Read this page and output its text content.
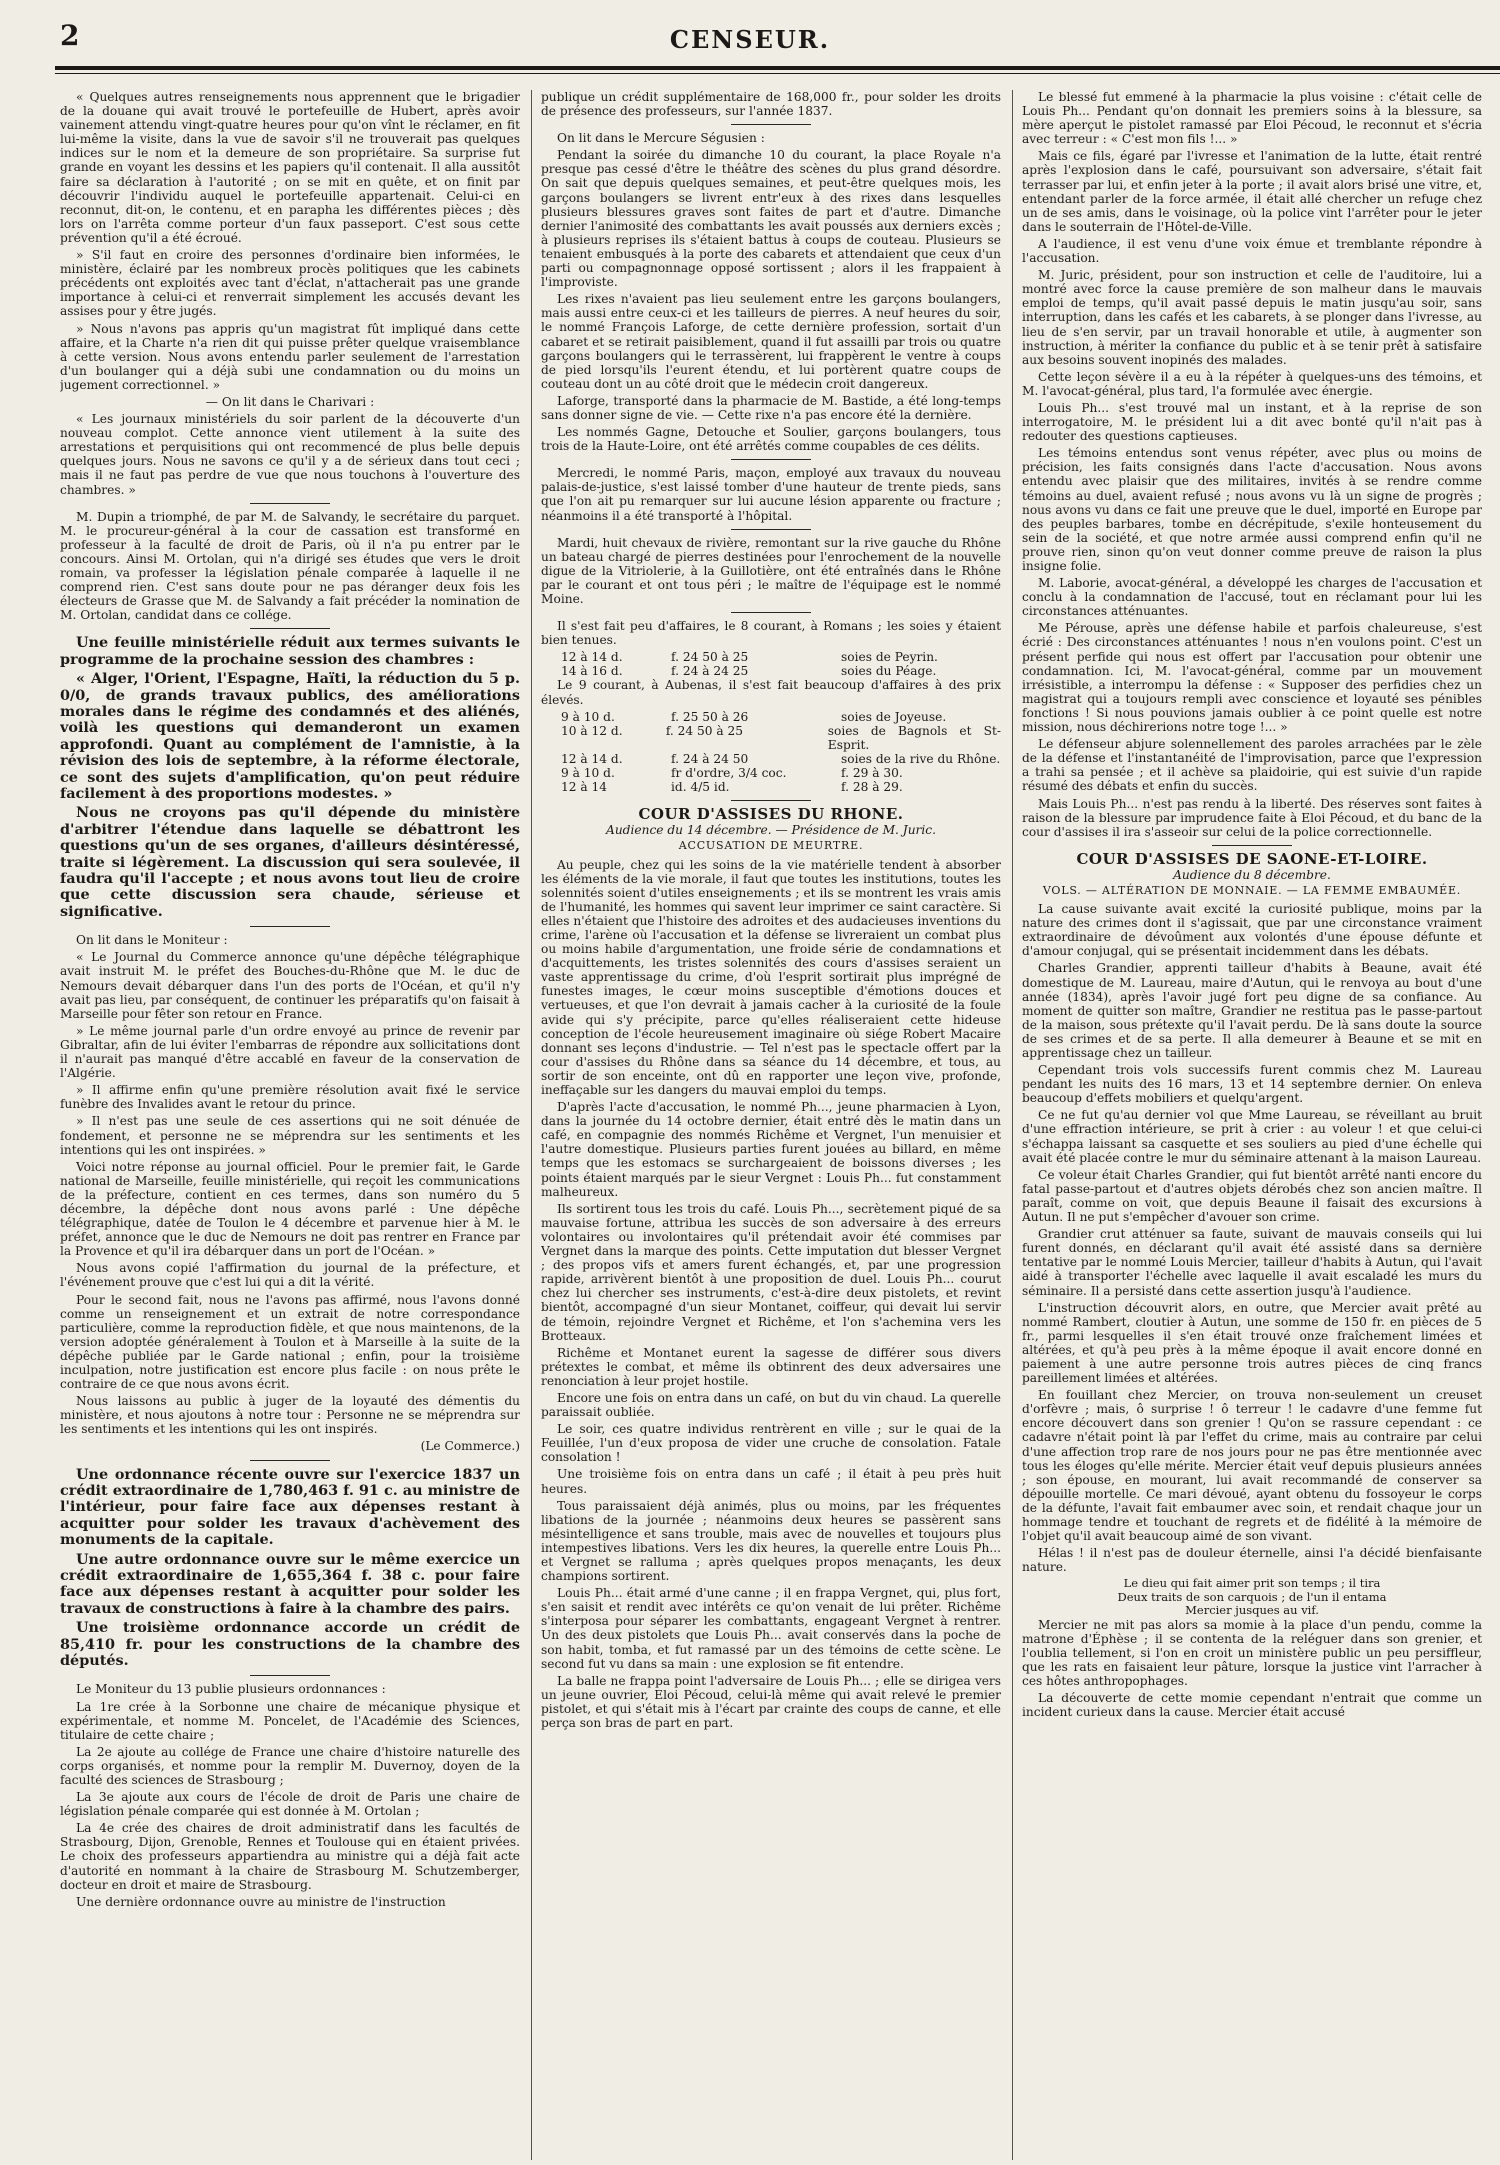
2	CENSEUR.

« Quelques autres renseignements nous apprennent que le brigadier de la douane qui avait trouvé le portefeuille de Hubert, après avoir vainement attendu vingt-quatre heures pour qu'on vînt le réclamer, en fit lui-même la visite, dans la vue de savoir s'il ne trouverait pas quelques indices sur le nom et la demeure de son propriétaire. Sa surprise fut grande en voyant les dessins et les papiers qu'il contenait. Il alla aussitôt faire sa déclaration à l'autorité ; on se mit en quête, et on finit par découvrir l'individu auquel le portefeuille appartenait. Celui-ci en reconnut, dit-on, le contenu, et en parapha les différentes pièces ; dès lors on l'arrêta comme porteur d'un faux passeport. C'est sous cette prévention qu'il a été écroué.

» S'il faut en croire des personnes d'ordinaire bien informées, le ministère, éclairé par les nombreux procès politiques que les cabinets précédents ont exploités avec tant d'éclat, n'attacherait pas une grande importance à celui-ci et renverrait simplement les accusés devant les assises pour y être jugés.

» Nous n'avons pas appris qu'un magistrat fût impliqué dans cette affaire, et la Charte n'a rien dit qui puisse prêter quelque vraisemblance à cette version. Nous avons entendu parler seulement de l'arrestation d'un boulanger qui a déjà subi une condamnation ou du moins un jugement correctionnel. »

— On lit dans le Charivari :

« Les journaux ministériels du soir parlent de la découverte d'un nouveau complot. Cette annonce vient utilement à la suite des arrestations et perquisitions qui ont recommencé de plus belle depuis quelques jours. Nous ne savons ce qu'il y a de sérieux dans tout ceci ; mais il ne faut pas perdre de vue que nous touchons à l'ouverture des chambres. »

M. Dupin a triomphé, de par M. de Salvandy, le secrétaire du parquet. M. le procureur-général à la cour de cassation est transformé en professeur à la faculté de droit de Paris, où il n'a pu entrer par le concours. Ainsi M. Ortolan, qui n'a dirigé ses études que vers le droit romain, va professer la législation pénale comparée à laquelle il ne comprend rien. C'est sans doute pour ne pas déranger deux fois les électeurs de Grasse que M. de Salvandy a fait précéder la nomination de M. Ortolan, candidat dans ce collége.

Une feuille ministérielle réduit aux termes suivants le programme de la prochaine session des chambres :

« Alger, l'Orient, l'Espagne, Haïti, la réduction du 5 p. 0/0, de grands travaux publics, des améliorations morales dans le régime des condamnés et des aliénés, voilà les questions qui demanderont un examen approfondi. Quant au complément de l'amnistie, à la révision des lois de septembre, à la réforme électorale, ce sont des sujets d'amplification, qu'on peut réduire facilement à des proportions modestes. »

Nous ne croyons pas qu'il dépende du ministère d'arbitrer l'étendue dans laquelle se débattront les questions qu'un de ses organes, d'ailleurs désintéressé, traite si légèrement. La discussion qui sera soulevée, il faudra qu'il l'accepte ; et nous avons tout lieu de croire que cette discussion sera chaude, sérieuse et significative.

On lit dans le Moniteur :

« Le Journal du Commerce annonce qu'une dépêche télégraphique avait instruit M. le préfet des Bouches-du-Rhône que M. le duc de Nemours devait débarquer dans l'un des ports de l'Océan, et qu'il n'y avait pas lieu, par conséquent, de continuer les préparatifs qu'on faisait à Marseille pour fêter son retour en France.

» Le même journal parle d'un ordre envoyé au prince de revenir par Gibraltar, afin de lui éviter l'embarras de répondre aux sollicitations dont il n'aurait pas manqué d'être accablé en faveur de la conservation de l'Algérie.

» Il affirme enfin qu'une première résolution avait fixé le service funèbre des Invalides avant le retour du prince.

» Il n'est pas une seule de ces assertions qui ne soit dénuée de fondement, et personne ne se méprendra sur les sentiments et les intentions qui les ont inspirées. »

Voici notre réponse au journal officiel. Pour le premier fait, le Garde national de Marseille, feuille ministérielle, qui reçoit les communications de la préfecture, contient en ces termes, dans son numéro du 5 décembre, la dépêche dont nous avons parlé : Une dépêche télégraphique, datée de Toulon le 4 décembre et parvenue hier à M. le préfet, annonce que le duc de Nemours ne doit pas rentrer en France par la Provence et qu'il ira débarquer dans un port de l'Océan. »

Nous avons copié l'affirmation du journal de la préfecture, et l'événement prouve que c'est lui qui a dit la vérité.

Pour le second fait, nous ne l'avons pas affirmé, nous l'avons donné comme un renseignement et un extrait de notre correspondance particulière, comme la reproduction fidèle, et que nous maintenons, de la version adoptée généralement à Toulon et à Marseille à la suite de la dépêche publiée par le Garde national ; enfin, pour la troisième inculpation, notre justification est encore plus facile : on nous prête le contraire de ce que nous avons écrit.

Nous laissons au public à juger de la loyauté des démentis du ministère, et nous ajoutons à notre tour : Personne ne se méprendra sur les sentiments et les intentions qui les ont inspirés.

(Le Commerce.)

Une ordonnance récente ouvre sur l'exercice 1837 un crédit extraordinaire de 1,780,463 f. 91 c. au ministre de l'intérieur, pour faire face aux dépenses restant à acquitter pour solder les travaux d'achèvement des monuments de la capitale.

Une autre ordonnance ouvre sur le même exercice un crédit extraordinaire de 1,655,364 f. 38 c. pour faire face aux dépenses restant à acquitter pour solder les travaux de constructions à faire à la chambre des pairs.

Une troisième ordonnance accorde un crédit de 85,410 fr. pour les constructions de la chambre des députés.

Le Moniteur du 13 publie plusieurs ordonnances :

La 1re crée à la Sorbonne une chaire de mécanique physique et expérimentale, et nomme M. Poncelet, de l'Académie des Sciences, titulaire de cette chaire ;

La 2e ajoute au collége de France une chaire d'histoire naturelle des corps organisés, et nomme pour la remplir M. Duvernoy, doyen de la faculté des sciences de Strasbourg ;

La 3e ajoute aux cours de l'école de droit de Paris une chaire de législation pénale comparée qui est donnée à M. Ortolan ;

La 4e crée des chaires de droit administratif dans les facultés de Strasbourg, Dijon, Grenoble, Rennes et Toulouse qui en étaient privées. Le choix des professeurs appartiendra au ministre qui a déjà fait acte d'autorité en nommant à la chaire de Strasbourg M. Schutzemberger, docteur en droit et maire de Strasbourg.

Une dernière ordonnance ouvre au ministre de l'instruction

publique un crédit supplémentaire de 168,000 fr., pour solder les droits de présence des professeurs, sur l'année 1837.

On lit dans le Mercure Ségusien :

Pendant la soirée du dimanche 10 du courant, la place Royale n'a presque pas cessé d'être le théâtre des scènes du plus grand désordre. On sait que depuis quelques semaines, et peut-être quelques mois, les garçons boulangers se livrent entr'eux à des rixes dans lesquelles plusieurs blessures graves sont faites de part et d'autre. Dimanche dernier l'animosité des combattants les avait poussés aux derniers excès ; à plusieurs reprises ils s'étaient battus à coups de couteau. Plusieurs se tenaient embusqués à la porte des cabarets et attendaient que ceux d'un parti ou compagnonnage opposé sortissent ; alors il les frappaient à l'improviste.

Les rixes n'avaient pas lieu seulement entre les garçons boulangers, mais aussi entre ceux-ci et les tailleurs de pierres. A neuf heures du soir, le nommé François Laforge, de cette dernière profession, sortait d'un cabaret et se retirait paisiblement, quand il fut assailli par trois ou quatre garçons boulangers qui le terrassèrent, lui frappèrent le ventre à coups de pied lorsqu'ils l'eurent étendu, et lui portèrent quatre coups de couteau dont un au côté droit que le médecin croit dangereux.

Laforge, transporté dans la pharmacie de M. Bastide, a été long-temps sans donner signe de vie. — Cette rixe n'a pas encore été la dernière.

Les nommés Gagne, Detouche et Soulier, garçons boulangers, tous trois de la Haute-Loire, ont été arrêtés comme coupables de ces délits.

Mercredi, le nommé Paris, maçon, employé aux travaux du nouveau palais-de-justice, s'est laissé tomber d'une hauteur de trente pieds, sans que l'on ait pu remarquer sur lui aucune lésion apparente ou fracture ; néanmoins il a été transporté à l'hôpital.

Mardi, huit chevaux de rivière, remontant sur la rive gauche du Rhône un bateau chargé de pierres destinées pour l'enrochement de la nouvelle digue de la Vitriolerie, à la Guillotière, ont été entraînés dans le Rhône par le courant et ont tous péri ; le maître de l'équipage est le nommé Moine.

Il s'est fait peu d'affaires, le 8 courant, à Romans ; les soies y étaient bien tenues.

12 à 14 d.	f. 24 50 à 25	soies de Peyrin.
14 à 16 d.	f. 24 à 24 25	soies du Péage.

Le 9 courant, à Aubenas, il s'est fait beaucoup d'affaires à des prix élevés.

9 à 10 d.	f. 25 50 à 26	soies de Joyeuse.
10 à 12 d.	f. 24 50 à 25	soies de Bagnols et St-Esprit.
12 à 14 d.	f. 24 à 24 50	soies de la rive du Rhône.
9 à 10 d.	fr d'ordre, 3/4 coc.	f. 29 à 30.
12 à 14	id. 4/5 id.	f. 28 à 29.

COUR D'ASSISES DU RHONE.

Audience du 14 décembre. — Présidence de M. Juric.

ACCUSATION DE MEURTRE.

Au peuple, chez qui les soins de la vie matérielle tendent à absorber les éléments de la vie morale, il faut que toutes les institutions, toutes les solennités soient d'utiles enseignements ; et ils se montrent les vrais amis de l'humanité, les hommes qui savent leur imprimer ce saint caractère. Si elles n'étaient que l'histoire des adroites et des audacieuses inventions du crime, l'arène où l'accusation et la défense se livreraient un combat plus ou moins habile d'argumentation, une froide série de condamnations et d'acquittements, les tristes solennités des cours d'assises seraient un vaste apprentissage du crime, d'où l'esprit sortirait plus imprégné de funestes images, le cœur moins susceptible d'émotions douces et vertueuses, et que l'on devrait à jamais cacher à la curiosité de la foule avide qui s'y précipite, parce qu'elles réaliseraient cette hideuse conception de l'école heureusement imaginaire où siége Robert Macaire donnant ses leçons d'industrie. — Tel n'est pas le spectacle offert par la cour d'assises du Rhône dans sa séance du 14 décembre, et tous, au sortir de son enceinte, ont dû en rapporter une leçon vive, profonde, ineffaçable sur les dangers du mauvai emploi du temps.

D'après l'acte d'accusation, le nommé Ph..., jeune pharmacien à Lyon, dans la journée du 14 octobre dernier, était entré dès le matin dans un café, en compagnie des nommés Richême et Vergnet, l'un menuisier et l'autre domestique. Plusieurs parties furent jouées au billard, en même temps que les estomacs se surchargeaient de boissons diverses ; les points étaient marqués par le sieur Vergnet : Louis Ph... fut constamment malheureux.

Ils sortirent tous les trois du café. Louis Ph..., secrètement piqué de sa mauvaise fortune, attribua les succès de son adversaire à des erreurs volontaires ou involontaires qu'il prétendait avoir été commises par Vergnet dans la marque des points. Cette imputation dut blesser Vergnet ; des propos vifs et amers furent échangés, et, par une progression rapide, arrivèrent bientôt à une proposition de duel. Louis Ph... courut chez lui chercher ses instruments, c'est-à-dire deux pistolets, et revint bientôt, accompagné d'un sieur Montanet, coiffeur, qui devait lui servir de témoin, rejoindre Vergnet et Richême, et l'on s'achemina vers les Brotteaux.

Richême et Montanet eurent la sagesse de différer sous divers prétextes le combat, et même ils obtinrent des deux adversaires une renonciation à leur projet hostile.

Encore une fois on entra dans un café, on but du vin chaud. La querelle paraissait oubliée.

Le soir, ces quatre individus rentrèrent en ville ; sur le quai de la Feuillée, l'un d'eux proposa de vider une cruche de consolation. Fatale consolation !

Une troisième fois on entra dans un café ; il était à peu près huit heures.

Tous paraissaient déjà animés, plus ou moins, par les fréquentes libations de la journée ; néanmoins deux heures se passèrent sans mésintelligence et sans trouble, mais avec de nouvelles et toujours plus intempestives libations. Vers les dix heures, la querelle entre Louis Ph... et Vergnet se ralluma ; après quelques propos menaçants, les deux champions sortirent.

Louis Ph... était armé d'une canne ; il en frappa Vergnet, qui, plus fort, s'en saisit et rendit avec intérêts ce qu'on venait de lui prêter. Richême s'interposa pour séparer les combattants, engageant Vergnet à rentrer. Un des deux pistolets que Louis Ph... avait conservés dans la poche de son habit, tomba, et fut ramassé par un des témoins de cette scène. Le second fut vu dans sa main : une explosion se fit entendre.

La balle ne frappa point l'adversaire de Louis Ph... ; elle se dirigea vers un jeune ouvrier, Eloi Pécoud, celui-là même qui avait relevé le premier pistolet, et qui s'était mis à l'écart par crainte des coups de canne, et elle perça son bras de part en part.

Le blessé fut emmené à la pharmacie la plus voisine : c'était celle de Louis Ph... Pendant qu'on donnait les premiers soins à la blessure, sa mère aperçut le pistolet ramassé par Eloi Pécoud, le reconnut et s'écria avec terreur : « C'est mon fils !... »

Mais ce fils, égaré par l'ivresse et l'animation de la lutte, était rentré après l'explosion dans le café, poursuivant son adversaire, s'était fait terrasser par lui, et enfin jeter à la porte ; il avait alors brisé une vitre, et, entendant parler de la force armée, il était allé chercher un refuge chez un de ses amis, dans le voisinage, où la police vint l'arrêter pour le jeter dans le souterrain de l'Hôtel-de-Ville.

A l'audience, il est venu d'une voix émue et tremblante répondre à l'accusation.

M. Juric, président, pour son instruction et celle de l'auditoire, lui a montré avec force la cause première de son malheur dans le mauvais emploi de temps, qu'il avait passé depuis le matin jusqu'au soir, sans interruption, dans les cafés et les cabarets, à se plonger dans l'ivresse, au lieu de s'en servir, par un travail honorable et utile, à augmenter son instruction, à mériter la confiance du public et à se tenir prêt à satisfaire aux besoins souvent inopinés des malades.

Cette leçon sévère il a eu à la répéter à quelques-uns des témoins, et M. l'avocat-général, plus tard, l'a formulée avec énergie.

Louis Ph... s'est trouvé mal un instant, et à la reprise de son interrogatoire, M. le président lui a dit avec bonté qu'il n'ait pas à redouter des questions captieuses.

Les témoins entendus sont venus répéter, avec plus ou moins de précision, les faits consignés dans l'acte d'accusation. Nous avons entendu avec plaisir que des militaires, invités à se rendre comme témoins au duel, avaient refusé ; nous avons vu là un signe de progrès ; nous avons vu dans ce fait une preuve que le duel, importé en Europe par des peuples barbares, tombe en décrépitude, s'exile honteusement du sein de la société, et que notre armée aussi comprend enfin qu'il ne prouve rien, sinon qu'on veut donner comme preuve de raison la plus insigne folie.

M. Laborie, avocat-général, a développé les charges de l'accusation et conclu à la condamnation de l'accusé, tout en réclamant pour lui les circonstances atténuantes.

Me Pérouse, après une défense habile et parfois chaleureuse, s'est écrié : Des circonstances atténuantes ! nous n'en voulons point. C'est un présent perfide qui nous est offert par l'accusation pour obtenir une condamnation. Ici, M. l'avocat-général, comme par un mouvement irrésistible, a interrompu la défense : « Supposer des perfidies chez un magistrat qui a toujours rempli avec conscience et loyauté ses pénibles fonctions ! Si nous pouvions jamais oublier à ce point quelle est notre mission, nous déchirerions notre toge !... »

Le défenseur abjure solennellement des paroles arrachées par le zèle de la défense et l'instantanéité de l'improvisation, parce que l'expression a trahi sa pensée ; et il achève sa plaidoirie, qui est suivie d'un rapide résumé des débats et enfin du succès.

Mais Louis Ph... n'est pas rendu à la liberté. Des réserves sont faites à raison de la blessure par imprudence faite à Eloi Pécoud, et du banc de la cour d'assises il ira s'asseoir sur celui de la police correctionnelle.

COUR D'ASSISES DE SAONE-ET-LOIRE.

Audience du 8 décembre.

VOLS. — ALTÉRATION DE MONNAIE. — LA FEMME EMBAUMÉE.

La cause suivante avait excité la curiosité publique, moins par la nature des crimes dont il s'agissait, que par une circonstance vraiment extraordinaire de dévoûment aux volontés d'une épouse défunte et d'amour conjugal, qui se présentait incidemment dans les débats.

Charles Grandier, apprenti tailleur d'habits à Beaune, avait été domestique de M. Laureau, maire d'Autun, qui le renvoya au bout d'une année (1834), après l'avoir jugé fort peu digne de sa confiance. Au moment de quitter son maître, Grandier ne restitua pas le passe-partout de la maison, sous prétexte qu'il l'avait perdu. De là sans doute la source de ses crimes et de sa perte. Il alla demeurer à Beaune et se mit en apprentissage chez un tailleur.

Cependant trois vols successifs furent commis chez M. Laureau pendant les nuits des 16 mars, 13 et 14 septembre dernier. On enleva beaucoup d'effets mobiliers et quelqu'argent.

Ce ne fut qu'au dernier vol que Mme Laureau, se réveillant au bruit d'une effraction intérieure, se prit à crier : au voleur ! et que celui-ci s'échappa laissant sa casquette et ses souliers au pied d'une échelle qui avait été placée contre le mur du séminaire attenant à la maison Laureau.

Ce voleur était Charles Grandier, qui fut bientôt arrêté nanti encore du fatal passe-partout et d'autres objets dérobés chez son ancien maître. Il paraît, comme on voit, que depuis Beaune il faisait des excursions à Autun. Il ne put s'empêcher d'avouer son crime.

Grandier crut atténuer sa faute, suivant de mauvais conseils qui lui furent donnés, en déclarant qu'il avait été assisté dans sa dernière tentative par le nommé Louis Mercier, tailleur d'habits à Autun, qui l'avait aidé à transporter l'échelle avec laquelle il avait escaladé les murs du séminaire. Il a persisté dans cette assertion jusqu'à l'audience.

L'instruction découvrit alors, en outre, que Mercier avait prêté au nommé Rambert, cloutier à Autun, une somme de 150 fr. en pièces de 5 fr., parmi lesquelles il s'en était trouvé onze fraîchement limées et altérées, et qu'à peu près à la même époque il avait encore donné en paiement à une autre personne trois autres pièces de cinq francs pareillement limées et altérées.

En fouillant chez Mercier, on trouva non-seulement un creuset d'orfèvre ; mais, ô surprise ! ô terreur ! le cadavre d'une femme fut encore découvert dans son grenier ! Qu'on se rassure cependant : ce cadavre n'était point là par l'effet du crime, mais au contraire par celui d'une affection trop rare de nos jours pour ne pas être mentionnée avec tous les éloges qu'elle mérite. Mercier était veuf depuis plusieurs années ; son épouse, en mourant, lui avait recommandé de conserver sa dépouille mortelle. Ce mari dévoué, ayant obtenu du fossoyeur le corps de la défunte, l'avait fait embaumer avec soin, et rendait chaque jour un hommage tendre et touchant de regrets et de fidélité à la mémoire de l'objet qu'il avait beaucoup aimé de son vivant.

Hélas ! il n'est pas de douleur éternelle, ainsi l'a décidé bienfaisante nature.

Le dieu qui fait aimer prit son temps ; il tira

Deux traits de son carquois ; de l'un il entama

Mercier jusques au vif.

Mercier ne mit pas alors sa momie à la place d'un pendu, comme la matrone d'Éphèse ; il se contenta de la reléguer dans son grenier, et l'oublia tellement, si l'on en croit un ministère public un peu persiffleur, que les rats en faisaient leur pâture, lorsque la justice vint l'arracher à ces hôtes anthropophages.

La découverte de cette momie cependant n'entrait que comme un incident curieux dans la cause. Mercier était accusé
